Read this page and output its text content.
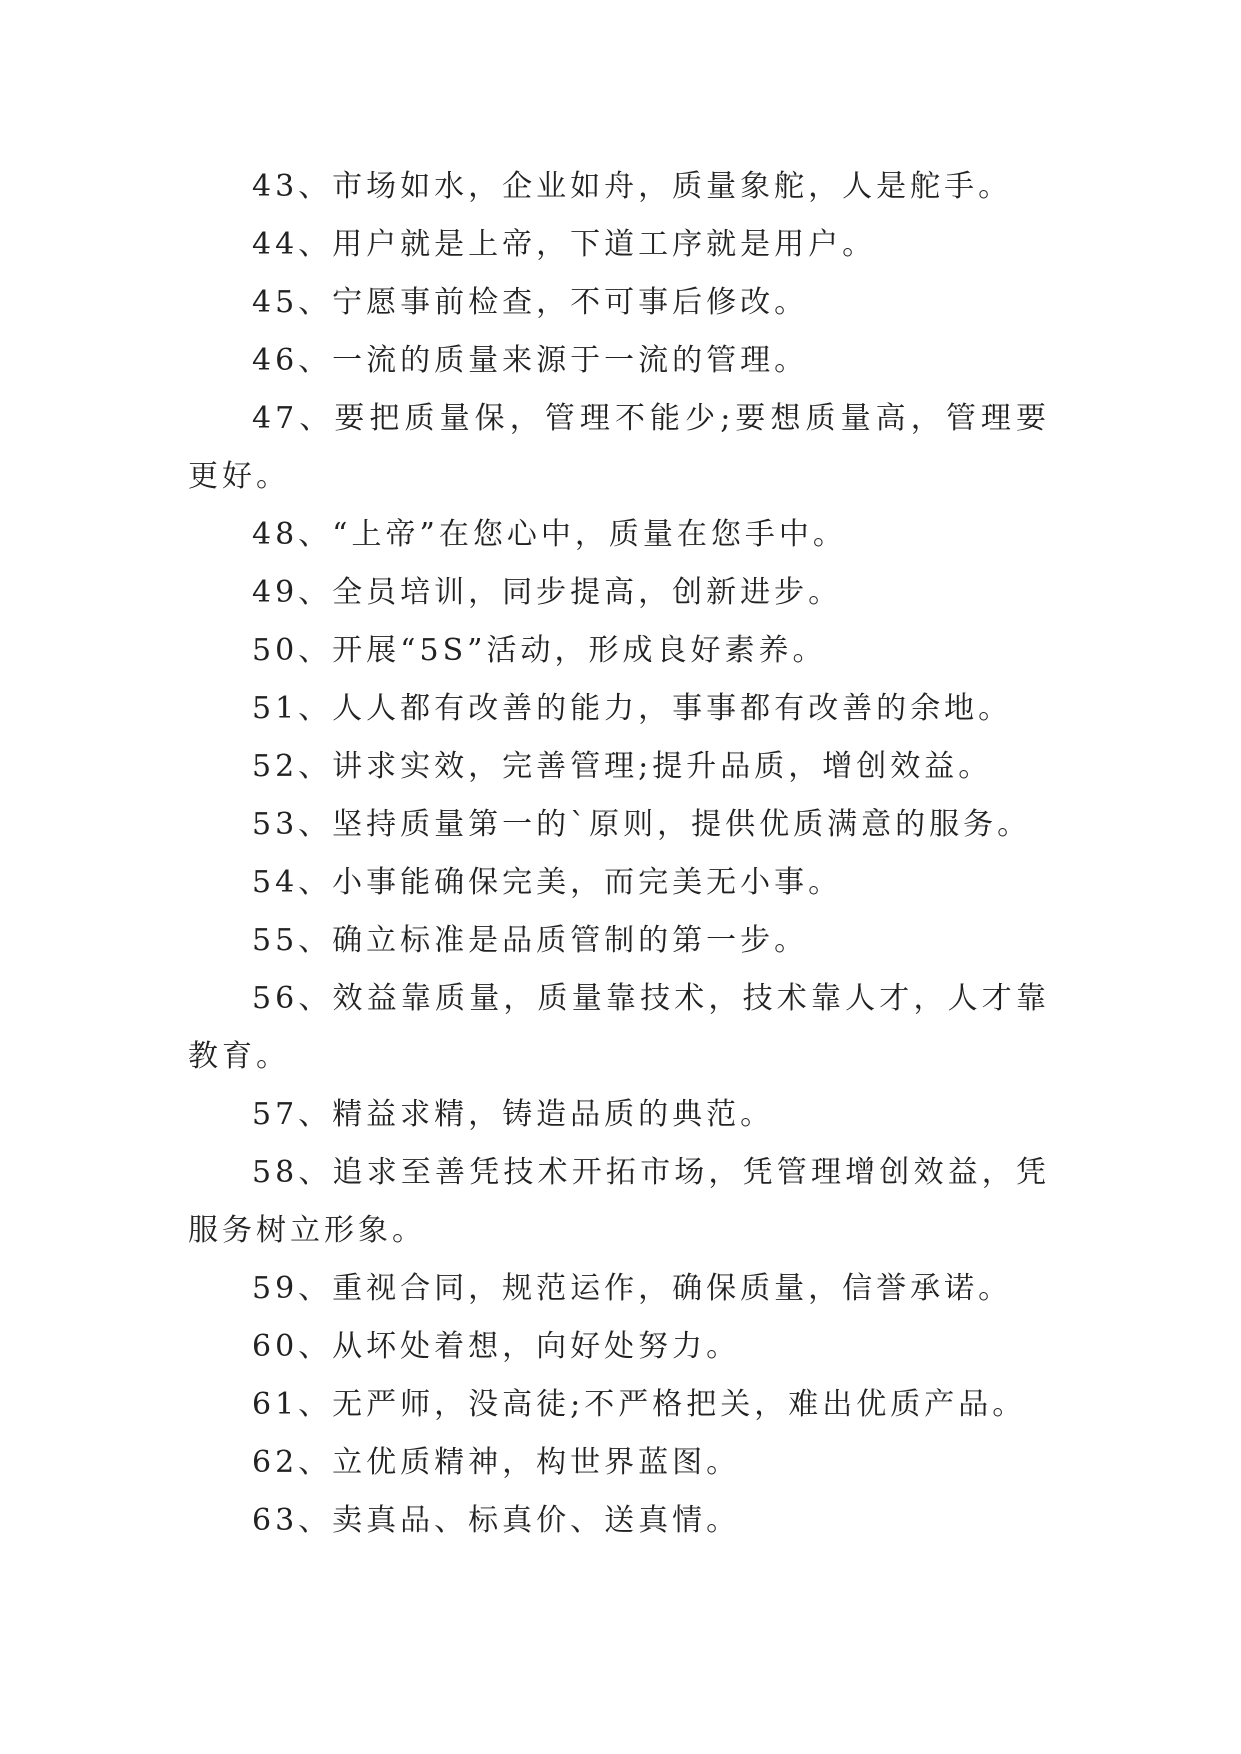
43、市场如水，企业如舟，质量象舵，人是舵手。

44、用户就是上帝，下道工序就是用户。

45、宁愿事前检查，不可事后修改。

46、一流的质量来源于一流的管理。

47、要把质量保，管理不能少;要想质量高，管理要更好。

48、“上帝”在您心中，质量在您手中。

49、全员培训，同步提高，创新进步。

50、开展“5S”活动，形成良好素养。

51、人人都有改善的能力，事事都有改善的余地。

52、讲求实效，完善管理;提升品质，增创效益。

53、坚持质量第一的`原则，提供优质满意的服务。

54、小事能确保完美，而完美无小事。

55、确立标准是品质管制的第一步。

56、效益靠质量，质量靠技术，技术靠人才，人才靠教育。

57、精益求精，铸造品质的典范。

58、追求至善凭技术开拓市场，凭管理增创效益，凭服务树立形象。

59、重视合同，规范运作，确保质量，信誉承诺。

60、从坏处着想，向好处努力。

61、无严师，没高徒;不严格把关，难出优质产品。

62、立优质精神，构世界蓝图。

63、卖真品、标真价、送真情。
